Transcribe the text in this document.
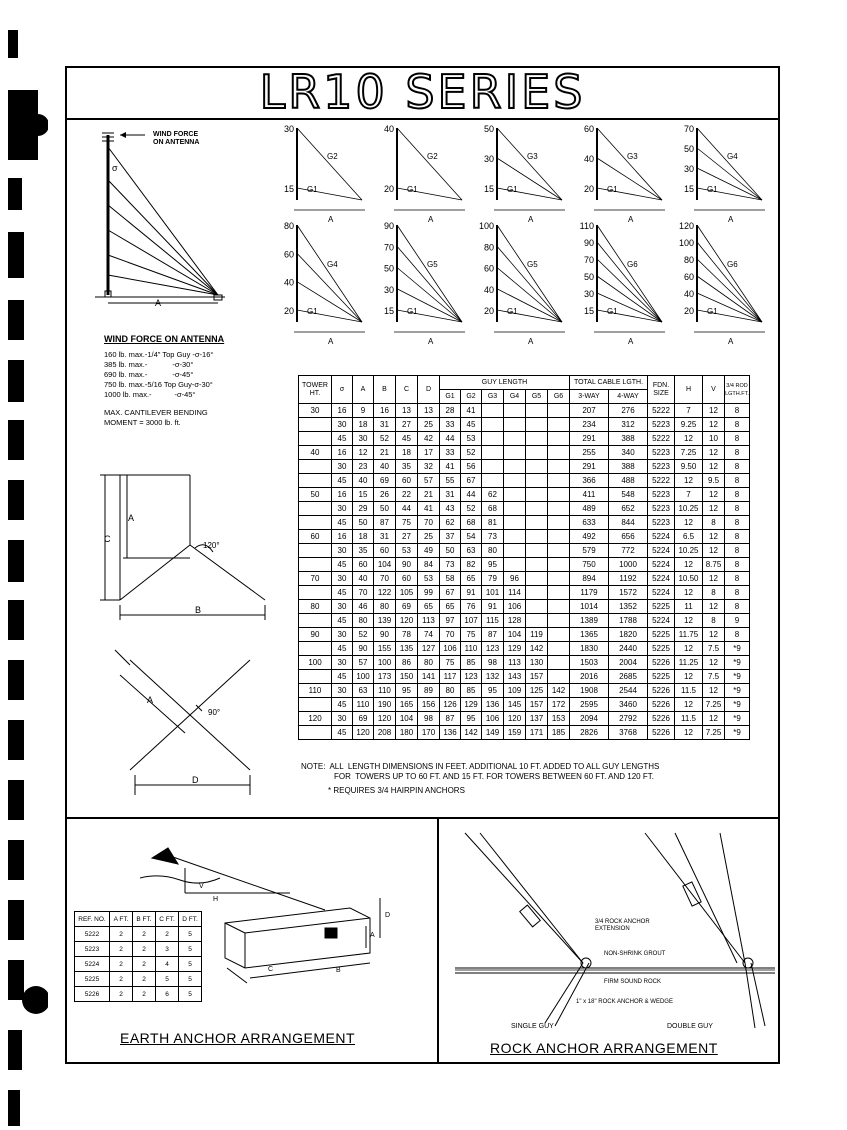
LR10 SERIES
WIND FORCE
ON ANTENNA
σ
A
30
15 G1
G2
A
40
20 G1
G2
A
50
30
15 G1
G3
A
60
40
20 G1
G3
A
70
50
30
15 G1
G4
A
80
60
40
20 G1
G4
A
90
70
50
30
15 G1
G5
A
100
80
60
40
20 G1
G5
A
110
90
70
50
30
15 G1
G6
A
120
100
80
60
40
20 G1
G6
A
WIND FORCE ON ANTENNA
160 lb. max.-1/4" Top Guy -σ-16°
385 lb. max.-            -σ-30°
690 lb. max.-            -σ-45°
750 lb. max.-5/16 Top Guy-σ-30°
1000 lb. max.-           -σ-45°
MAX. CANTILEVER BENDING
MOMENT = 3000 lb. ft.
A
C
B
120°
A
D
90°
TOWER HT.	σ	A	B	C	D	GUY LENGTH						TOTAL CABLE LGTH.		FDN. SIZE	H	V	3/4 ROD LGTH.FT.
						G1	G2	G3	G4	G5	G6	3-WAY	4-WAY				
30	16	9	16	13	13	28	41					207	276	5222	7	12	8
	30	18	31	27	25	33	45					234	312	5223	9.25	12	8
	45	30	52	45	42	44	53					291	388	5222	12	10	8
40	16	12	21	18	17	33	52					255	340	5223	7.25	12	8
	30	23	40	35	32	41	56					291	388	5223	9.50	12	8
	45	40	69	60	57	55	67					366	488	5222	12	9.5	8
50	16	15	26	22	21	31	44	62				411	548	5223	7	12	8
	30	29	50	44	41	43	52	68				489	652	5223	10.25	12	8
	45	50	87	75	70	62	68	81				633	844	5223	12	8	8
60	16	18	31	27	25	37	54	73				492	656	5224	6.5	12	8
	30	35	60	53	49	50	63	80				579	772	5224	10.25	12	8
	45	60	104	90	84	73	82	95				750	1000	5224	12	8.75	8
70	30	40	70	60	53	58	65	79	96			894	1192	5224	10.50	12	8
	45	70	122	105	99	67	91	101	114			1179	1572	5224	12	8	8
80	30	46	80	69	65	65	76	91	106			1014	1352	5225	11	12	8
	45	80	139	120	113	97	107	115	128			1389	1788	5224	12	8	9
90	30	52	90	78	74	70	75	87	104	119		1365	1820	5225	11.75	12	8
	45	90	155	135	127	106	110	123	129	142		1830	2440	5225	12	7.5	*9
100	30	57	100	86	80	75	85	98	113	130		1503	2004	5226	11.25	12	*9
	45	100	173	150	141	117	123	132	143	157		2016	2685	5225	12	7.5	*9
110	30	63	110	95	89	80	85	95	109	125	142	1908	2544	5226	11.5	12	*9
	45	110	190	165	156	126	129	136	145	157	172	2595	3460	5226	12	7.25	*9
120	30	69	120	104	98	87	95	106	120	137	153	2094	2792	5226	11.5	12	*9
	45	120	208	180	170	136	142	149	159	171	185	2826	3768	5226	12	7.25	*9
NOTE:  ALL  LENGTH DIMENSIONS IN FEET. ADDITIONAL 10 FT. ADDED TO ALL GUY LENGTHS
FOR  TOWERS UP TO 60 FT. AND 15 FT. FOR TOWERS BETWEEN 60 FT. AND 120 FT.
* REQUIRES 3/4 HAIRPIN ANCHORS
V
H
D
A
C	B
REF. NO.	A FT.	B FT.	C FT.	D FT.
5222	2	2	2	5
5223	2	2	3	5
5224	2	2	4	5
5225	2	2	5	5
5226	2	2	6	5
EARTH ANCHOR ARRANGEMENT
3/4 ROCK ANCHOR EXTENSION
NON-SHRINK GROUT
FIRM SOUND ROCK
1" x 18" ROCK ANCHOR & WEDGE
SINGLE GUY	DOUBLE GUY
ROCK ANCHOR ARRANGEMENT
